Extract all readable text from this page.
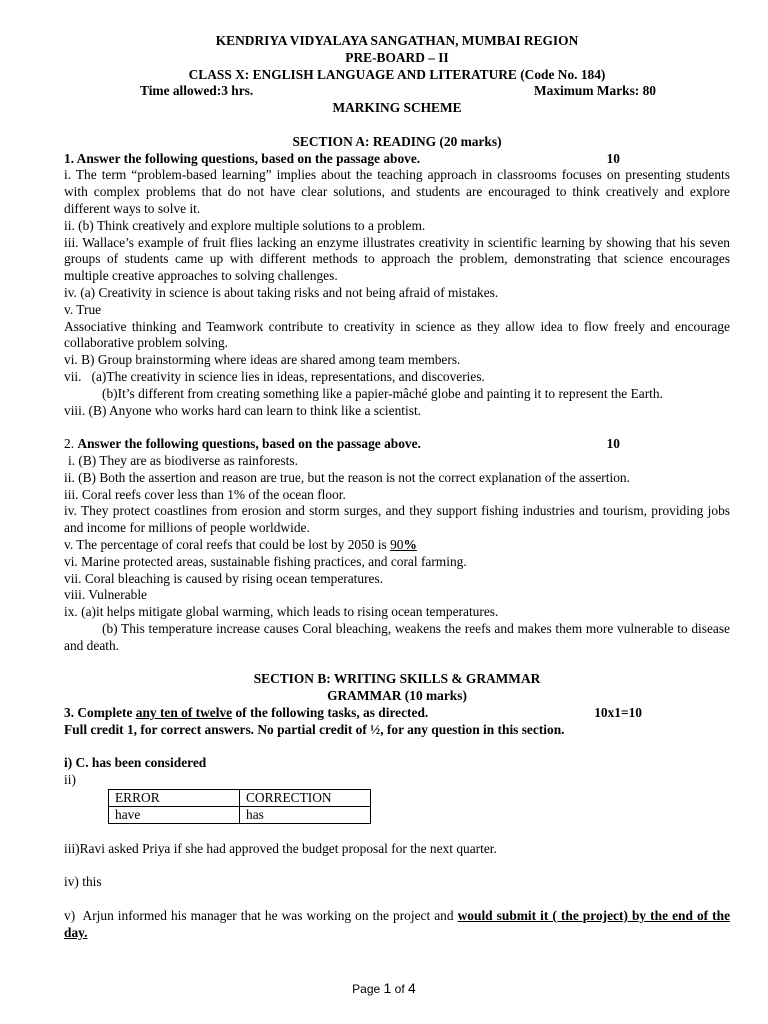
KENDRIYA VIDYALAYA SANGATHAN, MUMBAI REGION
PRE-BOARD – II
CLASS X: ENGLISH LANGUAGE AND LITERATURE (Code No. 184)
Time allowed:3 hrs.	Maximum Marks: 80
MARKING SCHEME
SECTION A: READING (20 marks)
1. Answer the following questions, based on the passage above.	10
i. The term “problem-based learning” implies about the teaching approach in classrooms focuses on presenting students with complex problems that do not have clear solutions, and students are encouraged to think creatively and explore different ways to solve it.
ii. (b) Think creatively and explore multiple solutions to a problem.
iii. Wallace’s example of fruit flies lacking an enzyme illustrates creativity in scientific learning by showing that his seven groups of students came up with different methods to approach the problem, demonstrating that science encourages multiple creative approaches to solving challenges.
iv. (a) Creativity in science is about taking risks and not being afraid of mistakes.
v. True
Associative thinking and Teamwork contribute to creativity in science as they allow idea to flow freely and encourage collaborative problem solving.
vi. B) Group brainstorming where ideas are shared among team members.
vii.   (a)The creativity in science lies in ideas, representations, and discoveries.
(b)It’s different from creating something like a papier-mâché globe and painting it to represent the Earth.
viii. (B) Anyone who works hard can learn to think like a scientist.
2. Answer the following questions, based on the passage above.	10
i. (B) They are as biodiverse as rainforests.
ii. (B) Both the assertion and reason are true, but the reason is not the correct explanation of the assertion.
iii. Coral reefs cover less than 1% of the ocean floor.
iv. They protect coastlines from erosion and storm surges, and they support fishing industries and tourism, providing jobs and income for millions of people worldwide.
v. The percentage of coral reefs that could be lost by 2050 is 90%
vi. Marine protected areas, sustainable fishing practices, and coral farming.
vii. Coral bleaching is caused by rising ocean temperatures.
viii. Vulnerable
ix. (a)it helps mitigate global warming, which leads to rising ocean temperatures.
(b) This temperature increase causes Coral bleaching, weakens the reefs and makes them more vulnerable to disease and death.
SECTION B: WRITING SKILLS & GRAMMAR
GRAMMAR (10 marks)
3. Complete any ten of twelve of the following tasks, as directed.	10x1=10
Full credit 1, for correct answers. No partial credit of ½, for any question in this section.
i) C. has been considered
ii)
ERROR	CORRECTION
have	has
iii)Ravi asked Priya if she had approved the budget proposal for the next quarter.
iv) this
v)  Arjun informed his manager that he was working on the project and would submit it ( the project) by the end of the day.
Page 1 of 4
